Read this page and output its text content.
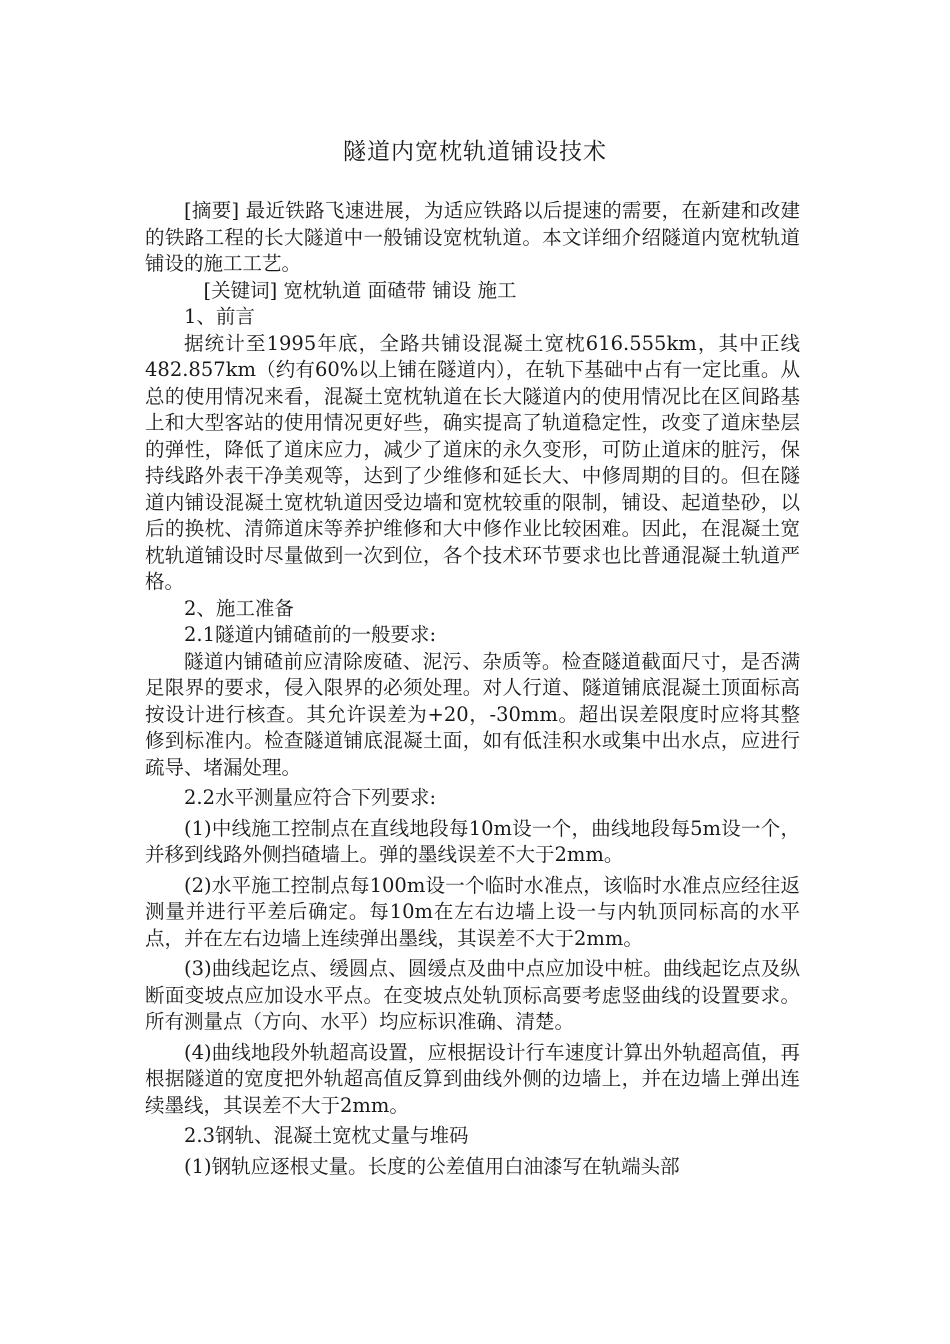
隧道内宽枕轨道铺设技术

[摘要] 最近铁路飞速进展，为适应铁路以后提速的需要，在新建和改建的铁路工程的长大隧道中一般铺设宽枕轨道。本文详细介绍隧道内宽枕轨道铺设的施工工艺。

[关键词] 宽枕轨道 面碴带 铺设 施工

1、前言

据统计至1995年底，全路共铺设混凝土宽枕616.555km，其中正线482.857km（约有60%以上铺在隧道内），在轨下基础中占有一定比重。从总的使用情况来看，混凝土宽枕轨道在长大隧道内的使用情况比在区间路基上和大型客站的使用情况更好些，确实提高了轨道稳定性，改变了道床垫层的弹性，降低了道床应力，减少了道床的永久变形，可防止道床的脏污，保持线路外表干净美观等，达到了少维修和延长大、中修周期的目的。但在隧道内铺设混凝土宽枕轨道因受边墙和宽枕较重的限制，铺设、起道垫砂，以后的换枕、清筛道床等养护维修和大中修作业比较困难。因此，在混凝土宽枕轨道铺设时尽量做到一次到位，各个技术环节要求也比普通混凝土轨道严格。

2、施工准备

2.1隧道内铺碴前的一般要求:

隧道内铺碴前应清除废碴、泥污、杂质等。检查隧道截面尺寸，是否满足限界的要求，侵入限界的必须处理。对人行道、隧道铺底混凝土顶面标高按设计进行核查。其允许误差为+20，-30mm。超出误差限度时应将其整修到标准内。检查隧道铺底混凝土面，如有低洼积水或集中出水点，应进行疏导、堵漏处理。

2.2水平测量应符合下列要求:

(1)中线施工控制点在直线地段每10m设一个，曲线地段每5m设一个，并移到线路外侧挡碴墙上。弹的墨线误差不大于2mm。

(2)水平施工控制点每100m设一个临时水准点，该临时水准点应经往返测量并进行平差后确定。每10m在左右边墙上设一与内轨顶同标高的水平点，并在左右边墙上连续弹出墨线，其误差不大于2mm。

(3)曲线起讫点、缓圆点、圆缓点及曲中点应加设中桩。曲线起讫点及纵断面变坡点应加设水平点。在变坡点处轨顶标高要考虑竖曲线的设置要求。所有测量点（方向、水平）均应标识准确、清楚。

(4)曲线地段外轨超高设置，应根据设计行车速度计算出外轨超高值，再根据隧道的宽度把外轨超高值反算到曲线外侧的边墙上，并在边墙上弹出连续墨线，其误差不大于2mm。

2.3钢轨、混凝土宽枕丈量与堆码

(1)钢轨应逐根丈量。长度的公差值用白油漆写在轨端头部
